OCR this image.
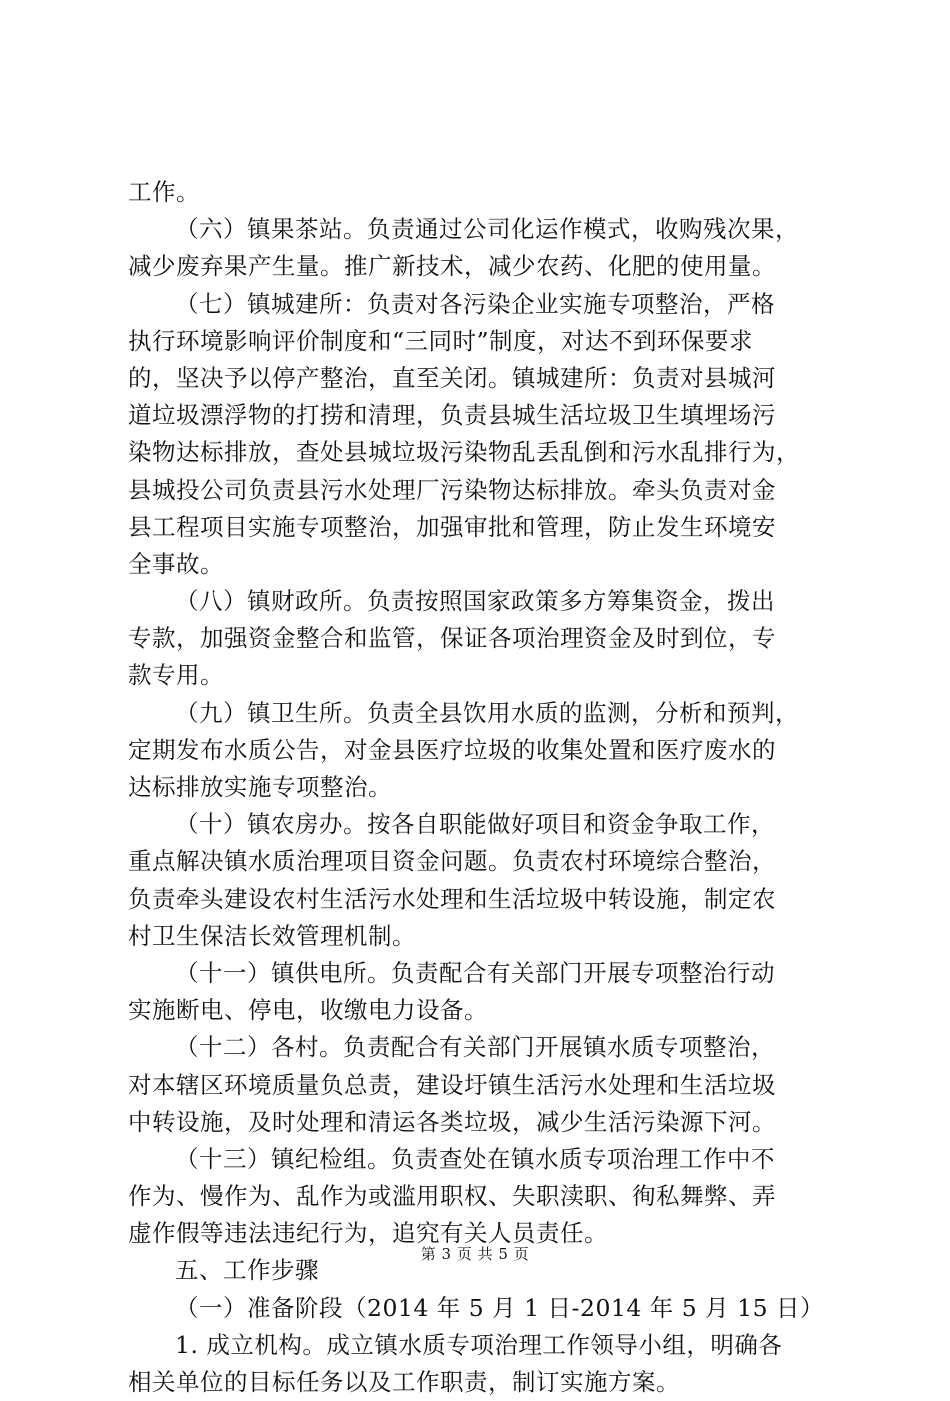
工作。
（六）镇果茶站。负责通过公司化运作模式，收购残次果，
减少废弃果产生量。推广新技术，减少农药、化肥的使用量。
（七）镇城建所：负责对各污染企业实施专项整治，严格
执行环境影响评价制度和“三同时”制度，对达不到环保要求
的，坚决予以停产整治，直至关闭。镇城建所：负责对县城河
道垃圾漂浮物的打捞和清理，负责县城生活垃圾卫生填埋场污
染物达标排放，查处县城垃圾污染物乱丢乱倒和污水乱排行为，
县城投公司负责县污水处理厂污染物达标排放。牵头负责对金
县工程项目实施专项整治，加强审批和管理，防止发生环境安
全事故。
（八）镇财政所。负责按照国家政策多方筹集资金，拨出
专款，加强资金整合和监管，保证各项治理资金及时到位，专
款专用。
（九）镇卫生所。负责全县饮用水质的监测，分析和预判，
定期发布水质公告，对金县医疗垃圾的收集处置和医疗废水的
达标排放实施专项整治。
（十）镇农房办。按各自职能做好项目和资金争取工作，
重点解决镇水质治理项目资金问题。负责农村环境综合整治，
负责牵头建设农村生活污水处理和生活垃圾中转设施，制定农
村卫生保洁长效管理机制。
（十一）镇供电所。负责配合有关部门开展专项整治行动
实施断电、停电，收缴电力设备。
（十二）各村。负责配合有关部门开展镇水质专项整治，
对本辖区环境质量负总责，建设圩镇生活污水处理和生活垃圾
中转设施，及时处理和清运各类垃圾，减少生活污染源下河。
（十三）镇纪检组。负责查处在镇水质专项治理工作中不
作为、慢作为、乱作为或滥用职权、失职渎职、徇私舞弊、弄
虚作假等违法违纪行为，追究有关人员责任。
五、工作步骤
（一）准备阶段（2014 年 5 月 1 日-2014 年 5 月 15 日）
1. 成立机构。成立镇水质专项治理工作领导小组，明确各
相关单位的目标任务以及工作职责，制订实施方案。
第 3 页 共 5 页
